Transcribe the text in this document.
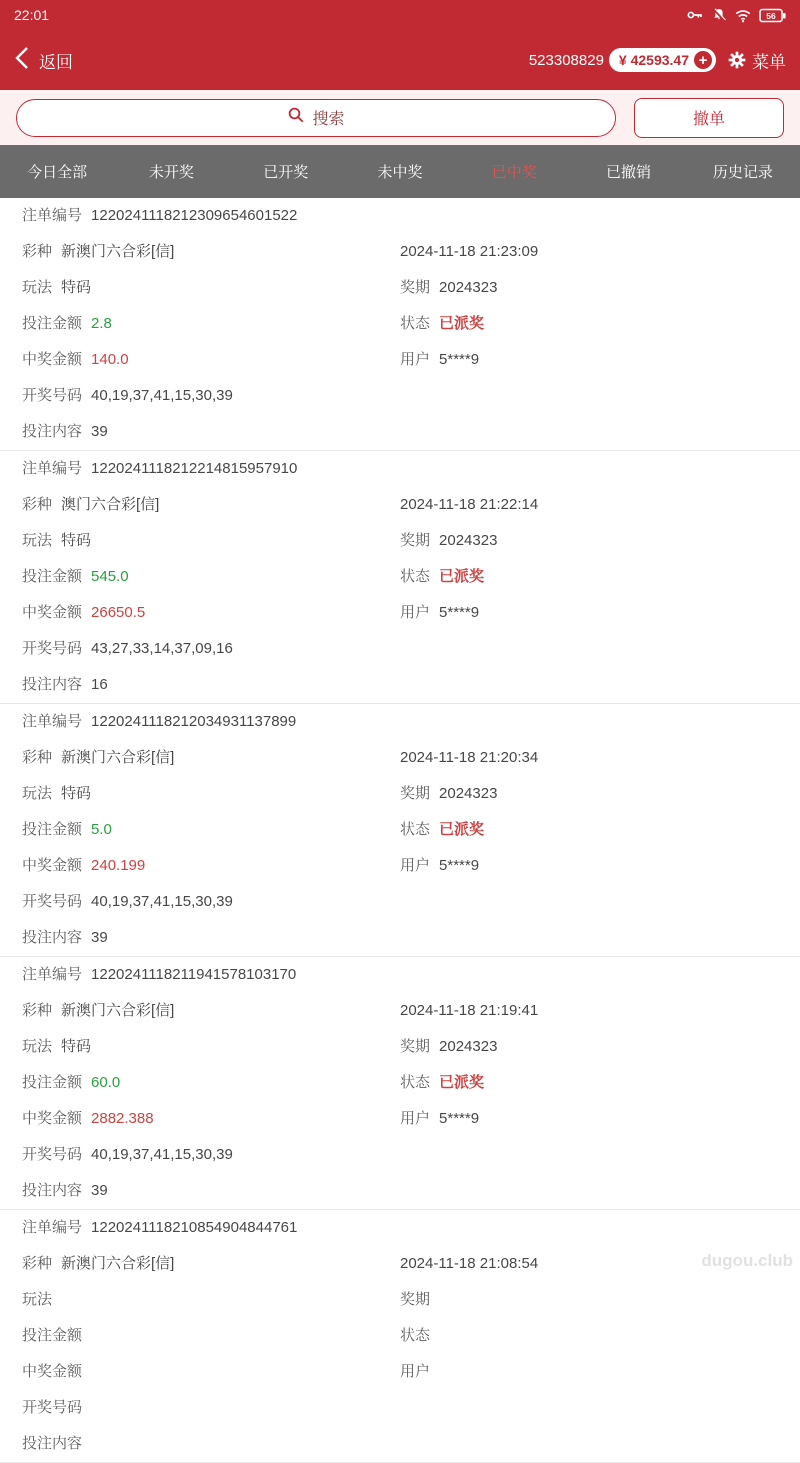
22:01	56
返回	523308829 ¥ 42593.47 +	菜单
搜索	撤单
今日全部	未开奖	已开奖	未中奖	已中奖	已撤销	历史记录
注单编号 1220241118212309654601522
彩种 新澳门六合彩[信]	2024-11-18 21:23:09
玩法 特码	奖期 2024323
投注金额 2.8	状态 已派奖
中奖金额 140.0	用户 5****9
开奖号码 40,19,37,41,15,30,39
投注内容 39
注单编号 1220241118212214815957910
彩种 澳门六合彩[信]	2024-11-18 21:22:14
玩法 特码	奖期 2024323
投注金额 545.0	状态 已派奖
中奖金额 26650.5	用户 5****9
开奖号码 43,27,33,14,37,09,16
投注内容 16
注单编号 1220241118212034931137899
彩种 新澳门六合彩[信]	2024-11-18 21:20:34
玩法 特码	奖期 2024323
投注金额 5.0	状态 已派奖
中奖金额 240.199	用户 5****9
开奖号码 40,19,37,41,15,30,39
投注内容 39
注单编号 1220241118211941578103170
彩种 新澳门六合彩[信]	2024-11-18 21:19:41
玩法 特码	奖期 2024323
投注金额 60.0	状态 已派奖
中奖金额 2882.388	用户 5****9
开奖号码 40,19,37,41,15,30,39
投注内容 39
注单编号 1220241118210854904844761
彩种 新澳门六合彩[信]	2024-11-18 21:08:54
玩法	奖期
投注金额	状态
中奖金额	用户
开奖号码
投注内容
dugou.club
